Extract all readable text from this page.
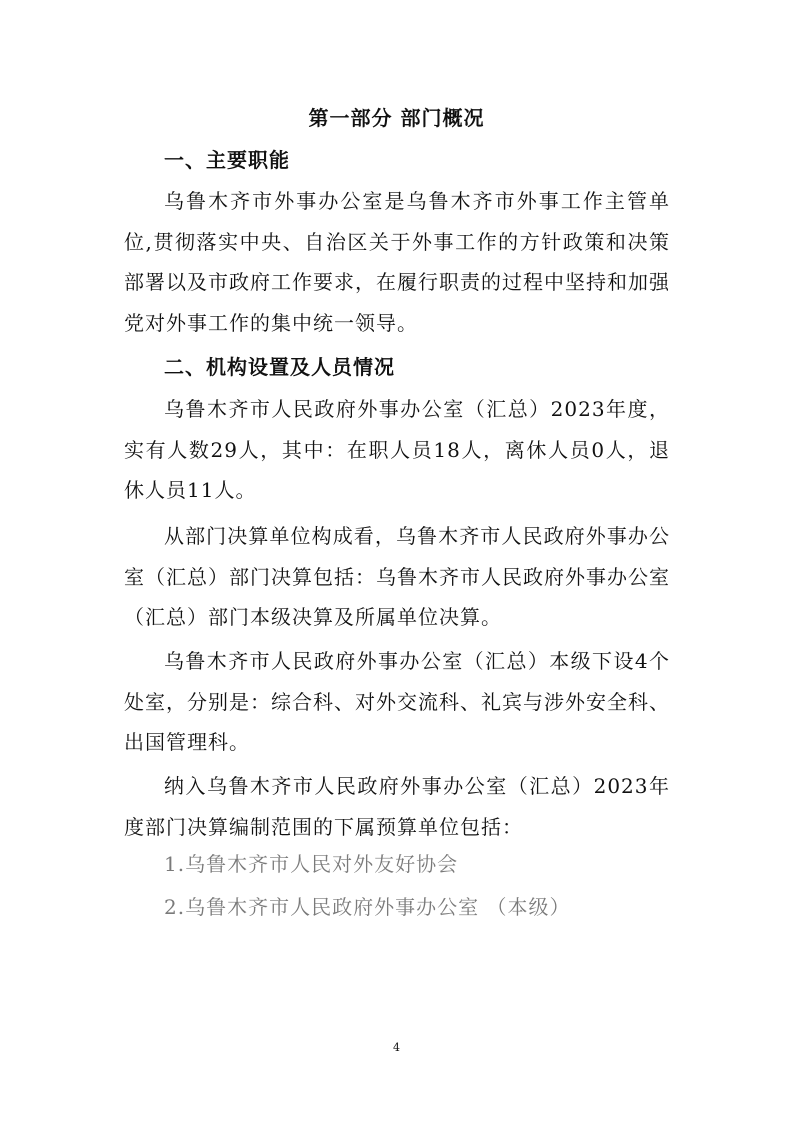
第一部分 部门概况
一、主要职能
乌鲁木齐市外事办公室是乌鲁木齐市外事工作主管单位,贯彻落实中央、自治区关于外事工作的方针政策和决策部署以及市政府工作要求，在履行职责的过程中坚持和加强党对外事工作的集中统一领导。
二、机构设置及人员情况
乌鲁木齐市人民政府外事办公室（汇总）2023年度，实有人数29人，其中：在职人员18人，离休人员0人，退休人员11人。
从部门决算单位构成看，乌鲁木齐市人民政府外事办公室（汇总）部门决算包括：乌鲁木齐市人民政府外事办公室（汇总）部门本级决算及所属单位决算。
乌鲁木齐市人民政府外事办公室（汇总）本级下设4个处室，分别是：综合科、对外交流科、礼宾与涉外安全科、出国管理科。
纳入乌鲁木齐市人民政府外事办公室（汇总）2023年度部门决算编制范围的下属预算单位包括：
1.乌鲁木齐市人民对外友好协会
2.乌鲁木齐市人民政府外事办公室 （本级）
4
